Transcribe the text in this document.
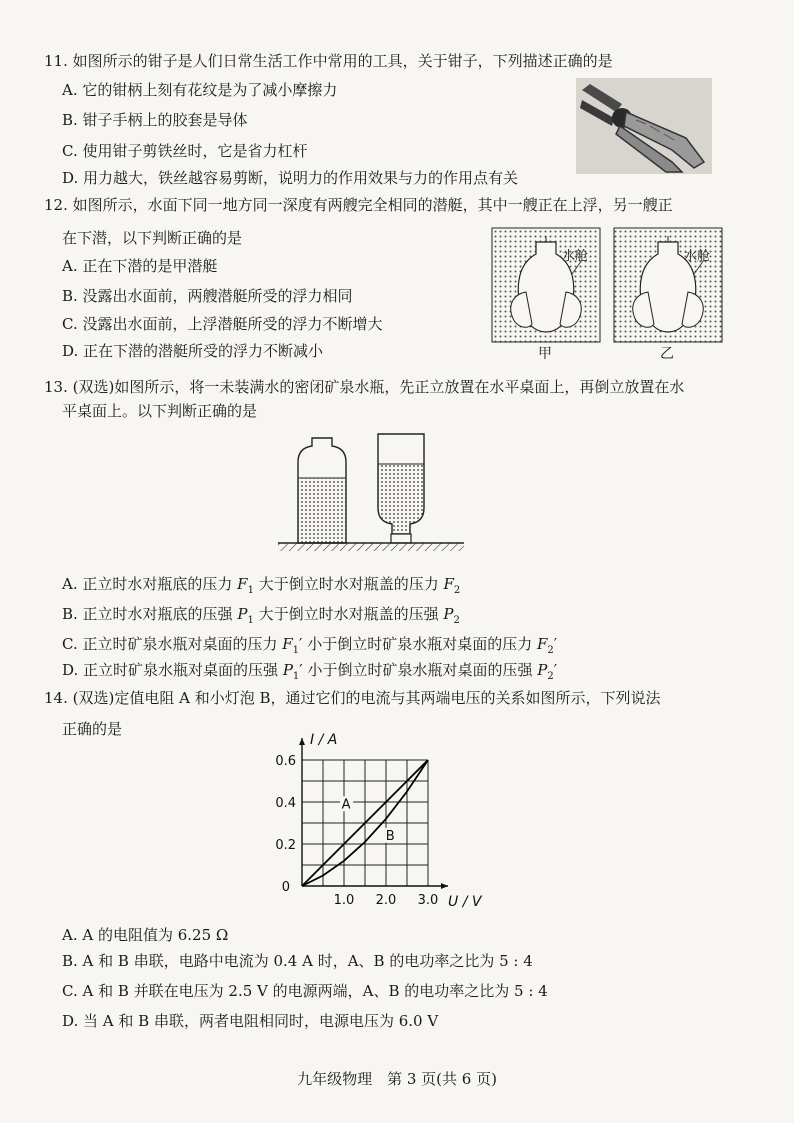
11. 如图所示的钳子是人们日常生活工作中常用的工具，关于钳子，下列描述正确的是
A. 它的钳柄上刻有花纹是为了减小摩擦力
B. 钳子手柄上的胶套是导体
C. 使用钳子剪铁丝时，它是省力杠杆
D. 用力越大，铁丝越容易剪断，说明力的作用效果与力的作用点有关
12. 如图所示，水面下同一地方同一深度有两艘完全相同的潜艇，其中一艘正在上浮，另一艘正
在下潜，以下判断正确的是
A. 正在下潜的是甲潜艇
B. 没露出水面前，两艘潜艇所受的浮力相同
C. 没露出水面前，上浮潜艇所受的浮力不断增大
D. 正在下潜的潜艇所受的浮力不断减小
水舱	水舱
甲	乙
13. (双选)如图所示，将一未装满水的密闭矿泉水瓶，先正立放置在水平桌面上，再倒立放置在水
平桌面上。以下判断正确的是
A. 正立时水对瓶底的压力 $F_1$ 大于倒立时水对瓶盖的压力 $F_2$
B. 正立时水对瓶底的压强 $P_1$ 大于倒立时水对瓶盖的压强 $P_2$
C. 正立时矿泉水瓶对桌面的压力 $F_1'$ 小于倒立时矿泉水瓶对桌面的压力 $F_2'$
D. 正立时矿泉水瓶对桌面的压强 $P_1'$ 小于倒立时矿泉水瓶对桌面的压强 $P_2'$
14. (双选)定值电阻 A 和小灯泡 B，通过它们的电流与其两端电压的关系如图所示，下列说法
正确的是
1.0 2.0 3.0
0.2
0.4
0.6
0
U / V
I / A
A
B
A. A 的电阻值为 6.25 Ω
B. A 和 B 串联，电路中电流为 0.4 A 时，A、B 的电功率之比为 5 : 4
C. A 和 B 并联在电压为 2.5 V 的电源两端，A、B 的电功率之比为 5 : 4
D. 当 A 和 B 串联，两者电阻相同时，电源电压为 6.0 V
九年级物理　第 3 页(共 6 页)
